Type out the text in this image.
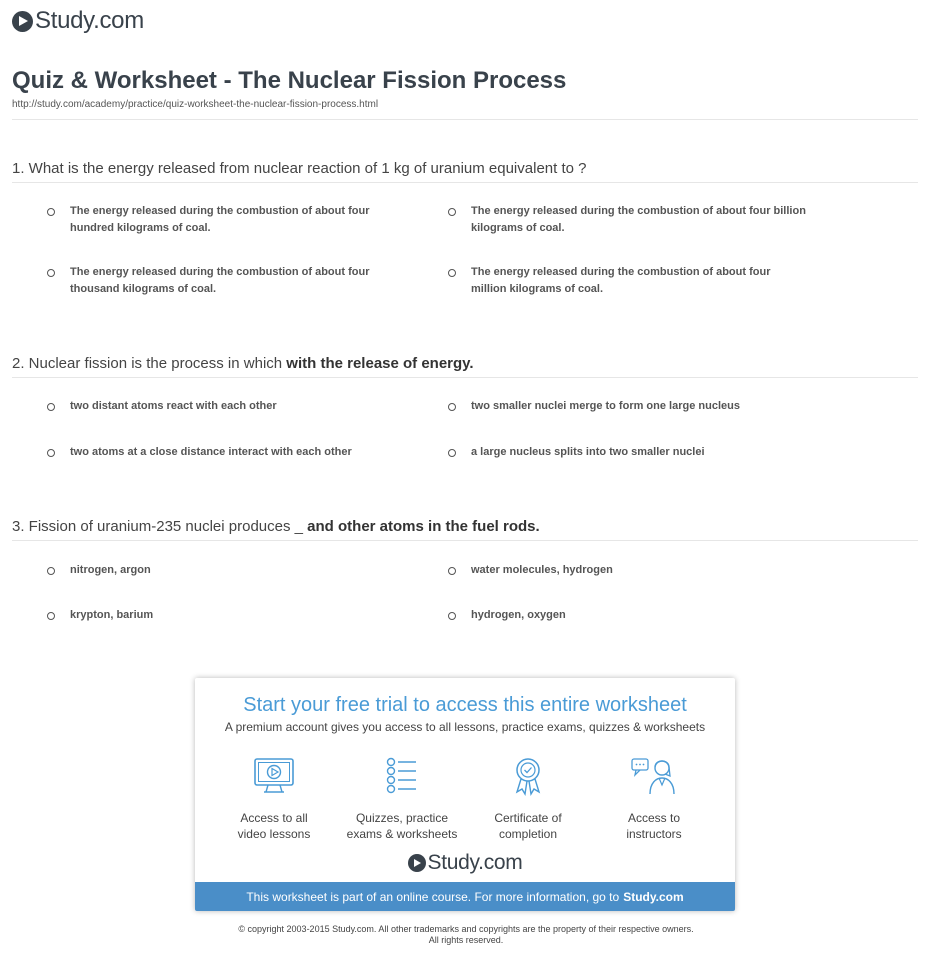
Study.com
Quiz & Worksheet - The Nuclear Fission Process
http://study.com/academy/practice/quiz-worksheet-the-nuclear-fission-process.html
1. What is the energy released from nuclear reaction of 1 kg of uranium equivalent to ?
The energy released during the combustion of about four hundred kilograms of coal.
The energy released during the combustion of about four billion kilograms of coal.
The energy released during the combustion of about four thousand kilograms of coal.
The energy released during the combustion of about four million kilograms of coal.
2. Nuclear fission is the process in which with the release of energy.
two distant atoms react with each other	two smaller nuclei merge to form one large nucleus
two atoms at a close distance interact with each other	a large nucleus splits into two smaller nuclei
3. Fission of uranium-235 nuclei produces _ and other atoms in the fuel rods.
nitrogen, argon	water molecules, hydrogen
krypton, barium	hydrogen, oxygen
Start your free trial to access this entire worksheet
A premium account gives you access to all lessons, practice exams, quizzes & worksheets
Access to all
video lessons
Quizzes, practice
exams & worksheets
Certificate of
completion
Access to
instructors
Study.com
This worksheet is part of an online course. For more information, go to Study.com
© copyright 2003-2015 Study.com. All other trademarks and copyrights are the property of their respective owners.
All rights reserved.
